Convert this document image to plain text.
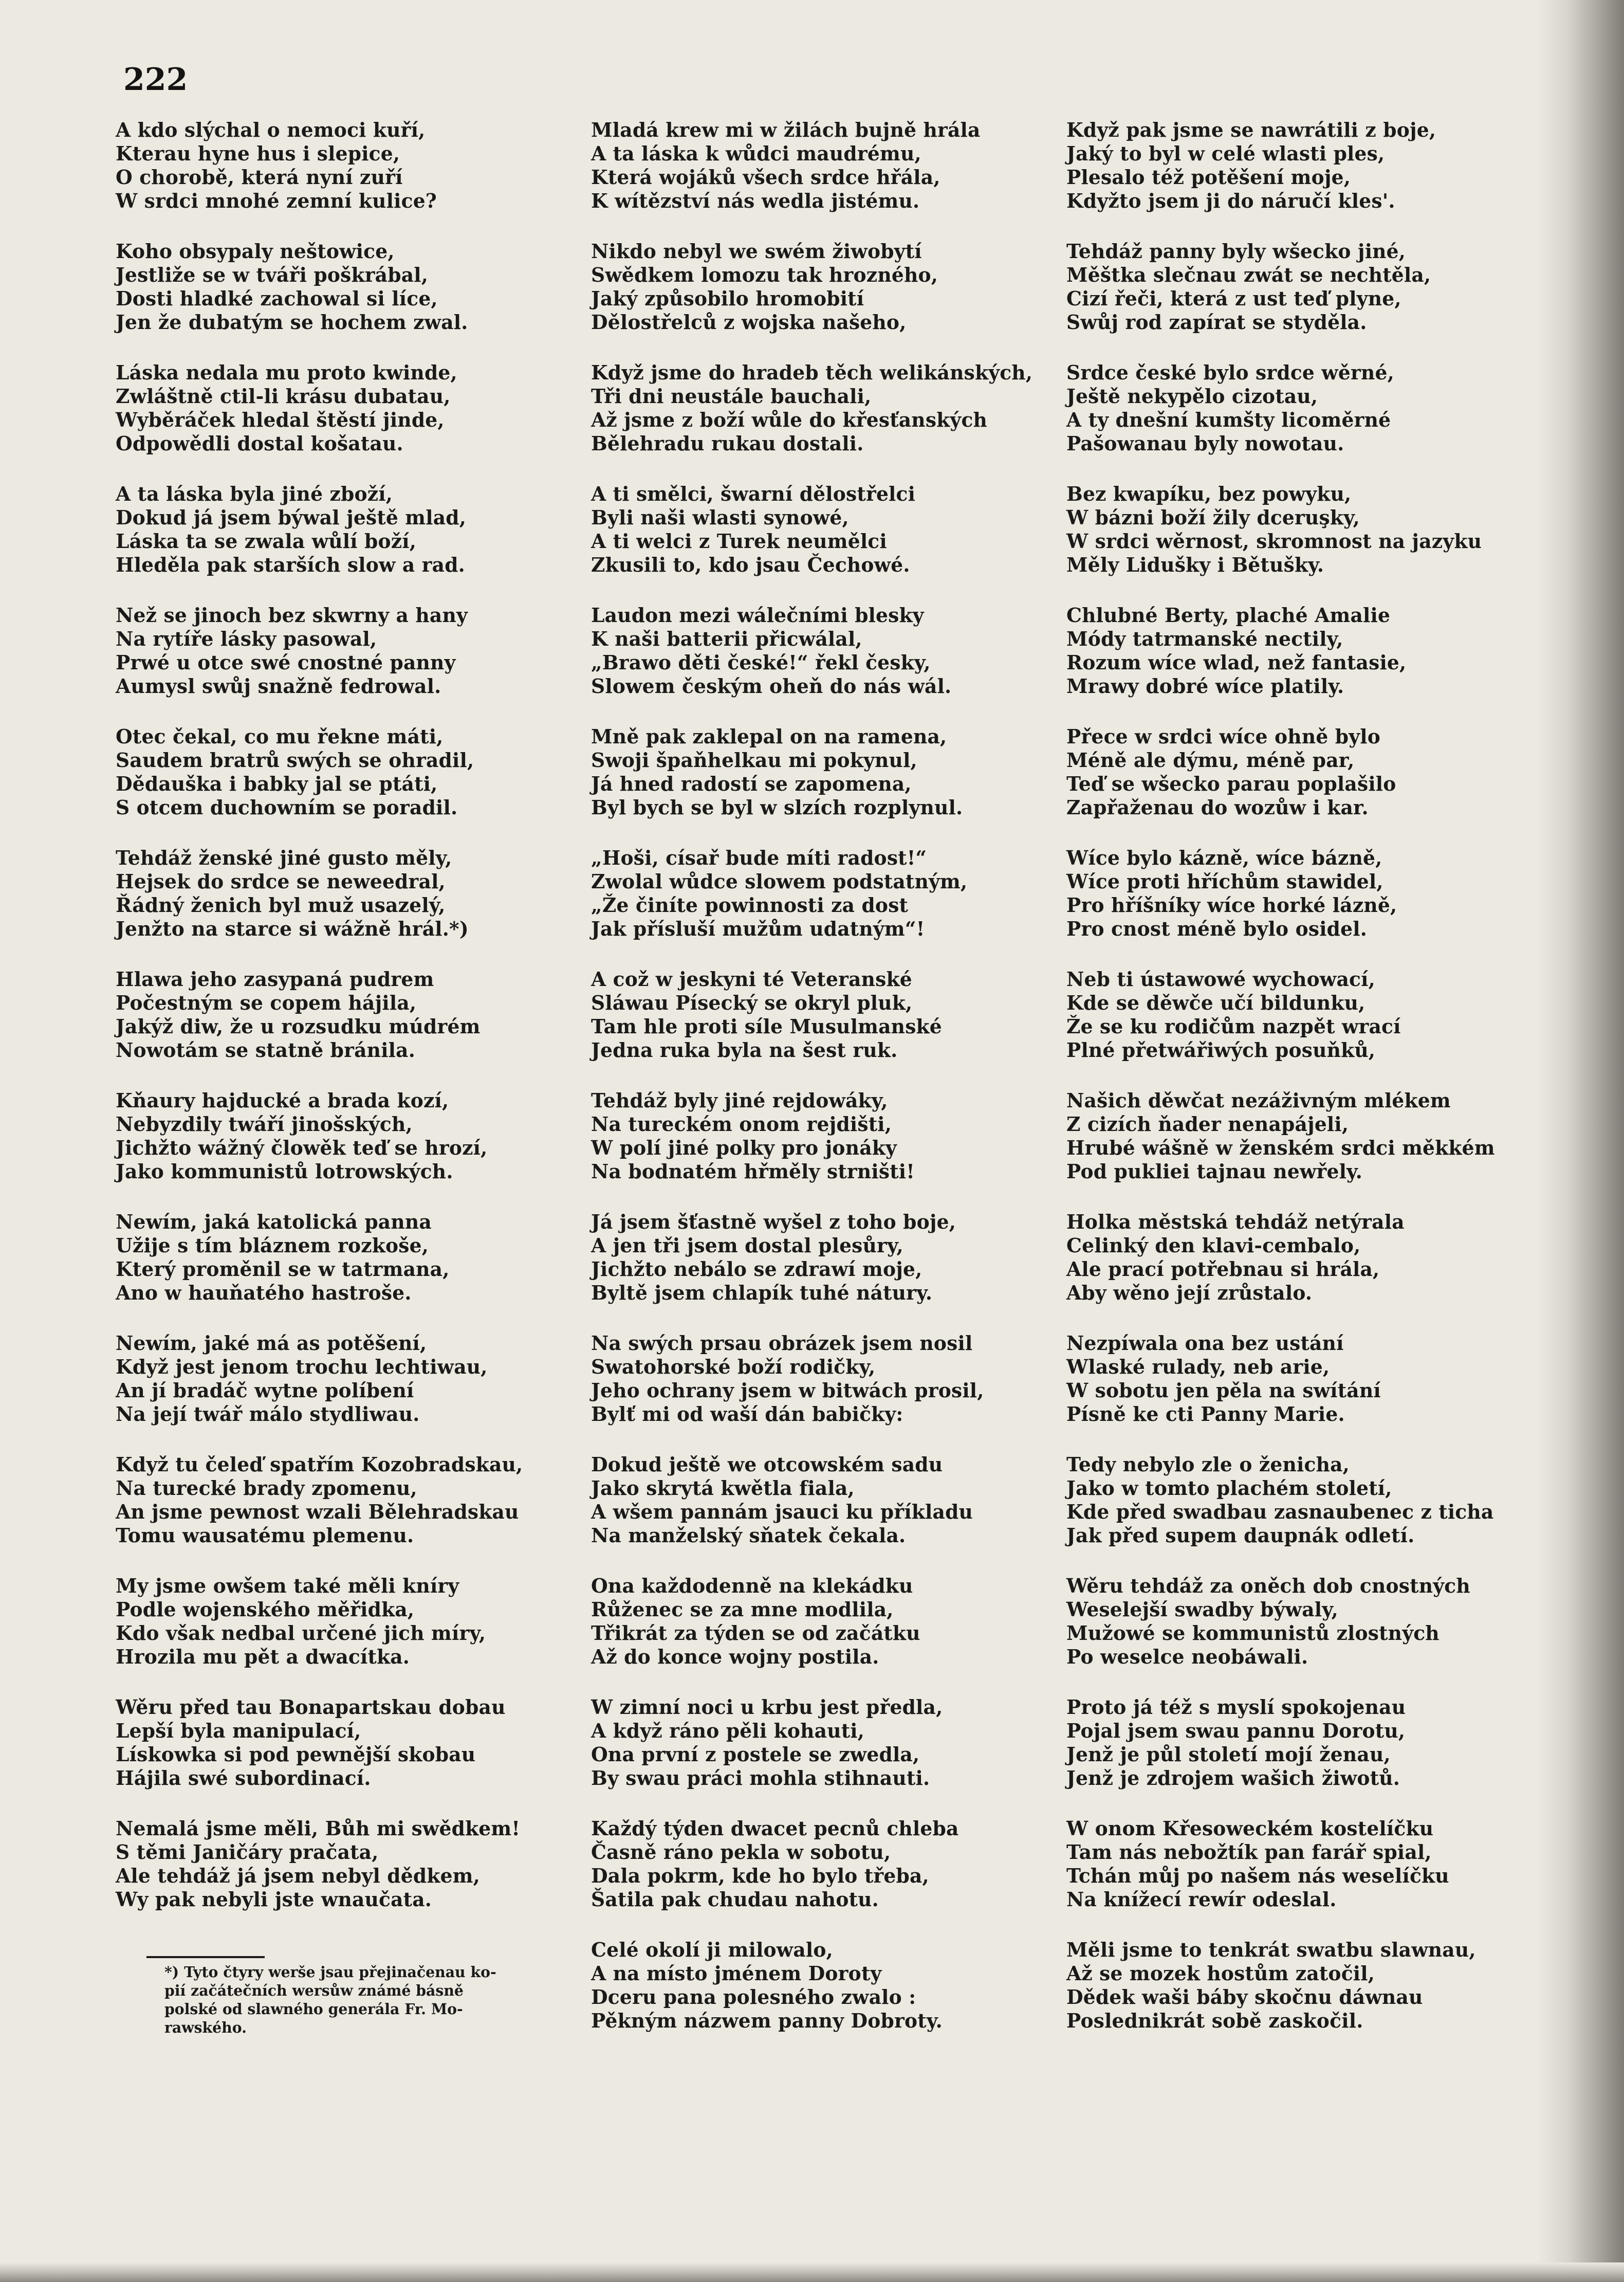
222
A kdo slýchal o nemoci kuří,
Kterau hyne hus i slepice,
O chorobě, která nyní zuří
W srdci mnohé zemní kulice?
Koho obsypaly neštowice,
Jestliže se w tváři poškrábal,
Dosti hladké zachowal si líce,
Jen že dubatým se hochem zwal.
Láska nedala mu proto kwinde,
Zwláštně ctil-li krásu dubatau,
Wyběráček hledal štěstí jinde,
Odpowědli dostal košatau.
A ta láska byla jiné zboží,
Dokud já jsem býwal ještě mlad,
Láska ta se zwala wůlí boží,
Hleděla pak starších slow a rad.
Než se jinoch bez skwrny a hany
Na rytíře lásky pasowal,
Prwé u otce swé cnostné panny
Aumysl swůj snažně fedrowal.
Otec čekal, co mu řekne máti,
Saudem bratrů swých se ohradil,
Dědauška i babky jal se ptáti,
S otcem duchowním se poradil.
Tehdáž ženské jiné gusto měly,
Hejsek do srdce se neweedral,
Řádný ženich byl muž usazelý,
Jenžto na starce si wážně hrál.*)
Hlawa jeho zasypaná pudrem
Počestným se copem hájila,
Jakýž diw, že u rozsudku múdrém
Nowotám se statně bránila.
Kňaury hajducké a brada kozí,
Nebyzdily twáří jinošských,
Jichžto wážný člowěk teď se hrozí,
Jako kommunistů lotrowských.
Newím, jaká katolická panna
Užije s tím bláznem rozkoše,
Který proměnil se w tatrmana,
Ano w hauňatého hastroše.
Newím, jaké má as potěšení,
Když jest jenom trochu lechtiwau,
An jí bradáč wytne políbení
Na její twář málo stydliwau.
Když tu čeleď spatřím Kozobradskau,
Na turecké brady zpomenu,
An jsme pewnost wzali Bělehradskau
Tomu wausatému plemenu.
My jsme owšem také měli kníry
Podle wojenského měřidka,
Kdo však nedbal určené jich míry,
Hrozila mu pět a dwacítka.
Wěru před tau Bonapartskau dobau
Lepší byla manipulací,
Lískowka si pod pewnější skobau
Hájila swé subordinací.
Nemalá jsme měli, Bůh mi swědkem!
S těmi Janičáry pračata,
Ale tehdáž já jsem nebyl dědkem,
Wy pak nebyli jste wnaučata.
Mladá krew mi w žilách bujně hrála
A ta láska k wůdci maudrému,
Která wojáků všech srdce hřála,
K wítězství nás wedla jistému.
Nikdo nebyl we swém žiwobytí
Swědkem lomozu tak hrozného,
Jaký způsobilo hromobití
Dělostřelců z wojska našeho,
Když jsme do hradeb těch welikánských,
Tři dni neustále bauchali,
Až jsme z boží wůle do křesťanských
Bělehradu rukau dostali.
A ti smělci, šwarní dělostřelci
Byli naši wlasti synowé,
A ti welci z Turek neumělci
Zkusili to, kdo jsau Čechowé.
Laudon mezi wálečními blesky
K naši batterii přicwálal,
„Brawo děti české!“ řekl česky,
Slowem českým oheň do nás wál.
Mně pak zaklepal on na ramena,
Swoji špaňhelkau mi pokynul,
Já hned radostí se zapomena,
Byl bych se byl w slzích rozplynul.
„Hoši, císař bude míti radost!“
Zwolal wůdce slowem podstatným,
„Že činíte powinnosti za dost
Jak přísluší mužům udatným“!
A což w jeskyni té Veteranské
Sláwau Písecký se okryl pluk,
Tam hle proti síle Musulmanské
Jedna ruka byla na šest ruk.
Tehdáž byly jiné rejdowáky,
Na tureckém onom rejdišti,
W polí jiné polky pro jonáky
Na bodnatém hřměly strništi!
Já jsem šťastně wyšel z toho boje,
A jen tři jsem dostal plesůry,
Jichžto nebálo se zdrawí moje,
Byltě jsem chlapík tuhé nátury.
Na swých prsau obrázek jsem nosil
Swatohorské boží rodičky,
Jeho ochrany jsem w bitwách prosil,
Bylť mi od waší dán babičky:
Dokud ještě we otcowském sadu
Jako skrytá kwětla fiala,
A wšem pannám jsauci ku příkladu
Na manželský sňatek čekala.
Ona každodenně na klekádku
Růženec se za mne modlila,
Třikrát za týden se od začátku
Až do konce wojny postila.
W zimní noci u krbu jest předla,
A když ráno pěli kohauti,
Ona první z postele se zwedla,
By swau práci mohla stihnauti.
Každý týden dwacet pecnů chleba
Časně ráno pekla w sobotu,
Dala pokrm, kde ho bylo třeba,
Šatila pak chudau nahotu.
Celé okolí ji milowalo,
A na místo jménem Doroty
Dceru pana polesného zwalo :
Pěkným názwem panny Dobroty.
Když pak jsme se nawrátili z boje,
Jaký to byl w celé wlasti ples,
Plesalo též potěšení moje,
Kdyžto jsem ji do náručí kles'.
Tehdáž panny byly wšecko jiné,
Měštka slečnau zwát se nechtěla,
Cizí řeči, která z ust teď plyne,
Swůj rod zapírat se styděla.
Srdce české bylo srdce wěrné,
Ještě nekypělo cizotau,
A ty dnešní kumšty licoměrné
Pašowanau byly nowotau.
Bez kwapíku, bez powyku,
W bázni boží žily dceruşky,
W srdci wěrnost, skromnost na jazyku
Měly Lidušky i Bětušky.
Chlubné Berty, plaché Amalie
Módy tatrmanské nectily,
Rozum wíce wlad, než fantasie,
Mrawy dobré wíce platily.
Přece w srdci wíce ohně bylo
Méně ale dýmu, méně par,
Teď se wšecko parau poplašilo
Zapřaženau do wozůw i kar.
Wíce bylo kázně, wíce bázně,
Wíce proti hříchům stawidel,
Pro hříšníky wíce horké lázně,
Pro cnost méně bylo osidel.
Neb ti ústawowé wychowací,
Kde se děwče učí bildunku,
Že se ku rodičům nazpět wrací
Plné přetwářiwých posuňků,
Našich děwčat nezáživným mlékem
Z cizích ňader nenapájeli,
Hrubé wášně w ženském srdci měkkém
Pod pukliei tajnau newřely.
Holka městská tehdáž netýrala
Celinký den klavi-cembalo,
Ale prací potřebnau si hrála,
Aby wěno její zrůstalo.
Nezpíwala ona bez ustání
Wlaské rulady, neb arie,
W sobotu jen pěla na swítání
Písně ke cti Panny Marie.
Tedy nebylo zle o ženicha,
Jako w tomto plachém století,
Kde před swadbau zasnaubenec z ticha
Jak před supem daupnák odletí.
Wěru tehdáž za oněch dob cnostných
Weselejší swadby býwaly,
Mužowé se kommunistů zlostných
Po weselce neobáwali.
Proto já též s myslí spokojenau
Pojal jsem swau pannu Dorotu,
Jenž je půl století mojí ženau,
Jenž je zdrojem wašich žiwotů.
W onom Křesoweckém kostelíčku
Tam nás nebožtík pan farář spial,
Tchán můj po našem nás weselíčku
Na knížecí rewír odeslal.
Měli jsme to tenkrát swatbu slawnau,
Až se mozek hostům zatočil,
Dědek waši báby skočnu dáwnau
Poslednikrát sobě zaskočil.
*) Tyto čtyry werše jsau přejinačenau ko-
pií začátečních wersůw známé básně
polské od slawného generála Fr. Mo-
rawského.
